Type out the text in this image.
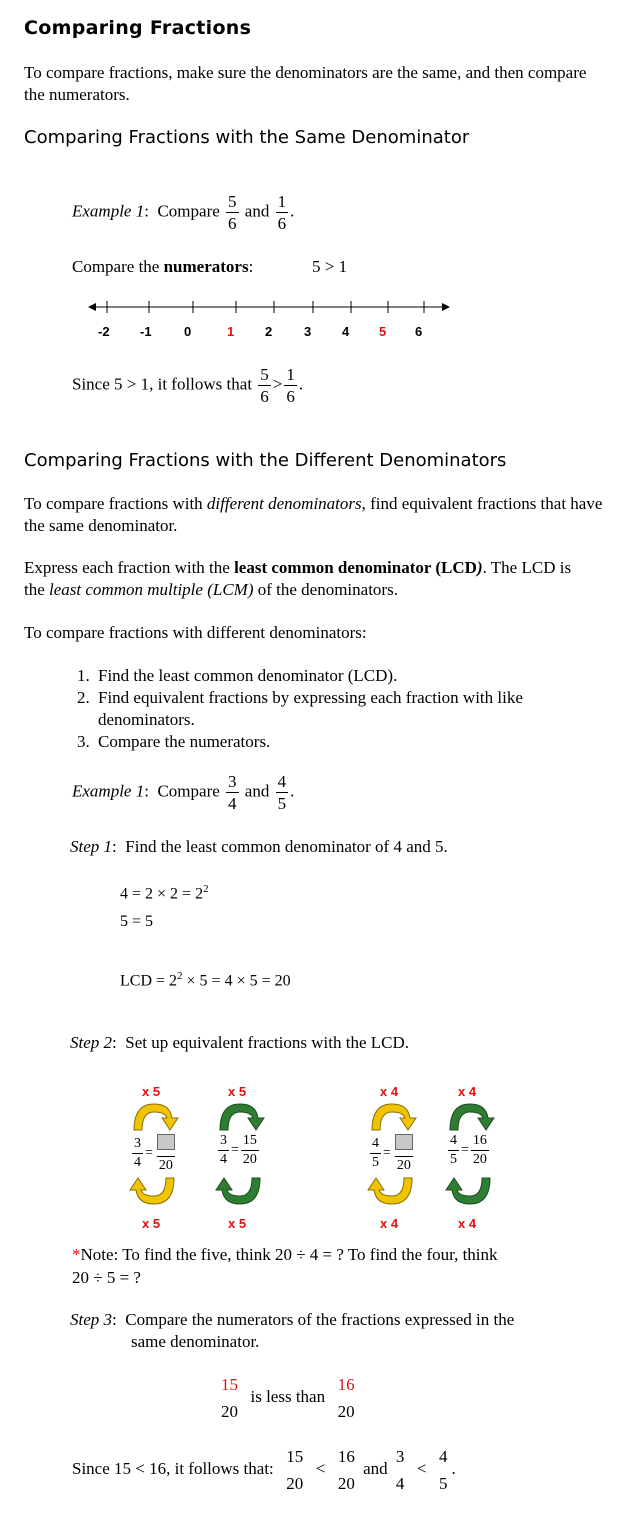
Comparing Fractions
To compare fractions, make sure the denominators are the same, and then compare the numerators.
Comparing Fractions with the Same Denominator
Example 1:  Compare $\frac{5}{6}$ and $\frac{1}{6}$ .
Compare the numerators:	5 > 1
-2 -1 0	1 2 3 4 5 6
Since 5 > 1, it follows that $\frac{5}{6} > \frac{1}{6}$ .
Comparing Fractions with the Different Denominators
To compare fractions with different denominators, find equivalent fractions that have the same denominator.
Express each fraction with the least common denominator (LCD). The LCD is the least common multiple (LCM) of the denominators.
To compare fractions with different denominators:
1. Find the least common denominator (LCD).
2. Find equivalent fractions by expressing each fraction with like denominators.
3. Compare the numerators.
Example 1:  Compare $\frac{3}{4}$ and $\frac{4}{5}$ .
Step 1:  Find the least common denominator of 4 and 5.
$4 = 2 \times 2 = 2^2$
5 = 5
LCD = $2^2 \times 5 = 4 \times 5 = 20$
Step 2:  Set up equivalent fractions with the LCD.
x 5
$\frac{3}{4}$ =
20
x 5
x 5
$\frac{3}{4} = \frac{15}{20}$
x 5
x 4
$\frac{4}{5}$ =
20
x 4
x 4
$\frac{4}{5} = \frac{16}{20}$
x 4
*Note: To find the five, think 20 ÷ 4 = ? To find the four, think
20 ÷ 5 = ?
Step 3:  Compare the numerators of the fractions expressed in the
same denominator.
15
20
is less than
16
20
Since 15 < 16, it follows that:
15
20
<
16
20
and
3
4
<
4
5
.
